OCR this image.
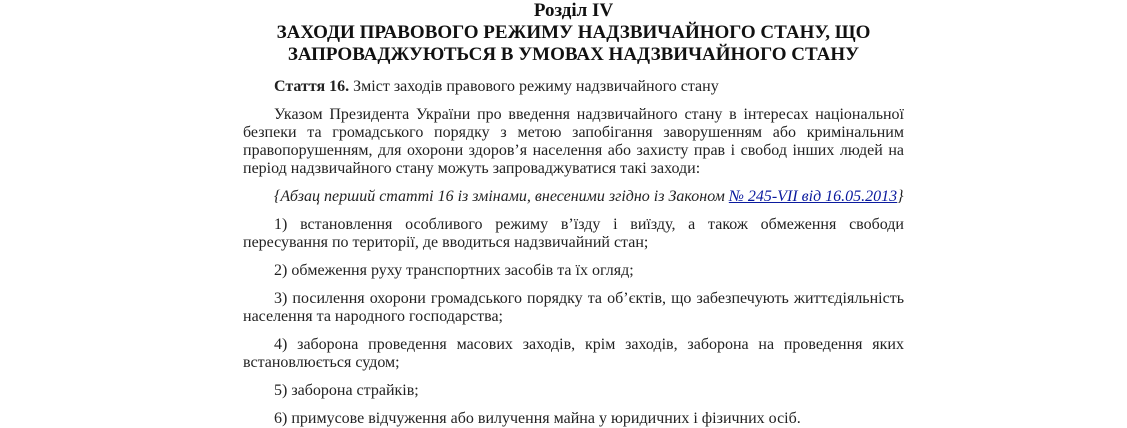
Розділ IV
ЗАХОДИ ПРАВОВОГО РЕЖИМУ НАДЗВИЧАЙНОГО СТАНУ, ЩО
ЗАПРОВАДЖУЮТЬСЯ В УМОВАХ НАДЗВИЧАЙНОГО СТАНУ
Стаття 16. Зміст заходів правового режиму надзвичайного стану

Указом Президента України про введення надзвичайного стану в інтересах національної безпеки та громадського порядку з метою запобігання заворушенням або кримінальним правопорушенням, для охорони здоров’я населення або захисту прав і свобод інших людей на період надзвичайного стану можуть запроваджуватися такі заходи:

{Абзац перший статті 16 із змінами, внесеними згідно із Законом № 245-VII від 16.05.2013}

1) встановлення особливого режиму в’їзду і виїзду, а також обмеження свободи пересування по території, де вводиться надзвичайний стан;

2) обмеження руху транспортних засобів та їх огляд;

3) посилення охорони громадського порядку та об’єктів, що забезпечують життєдіяльність населення та народного господарства;

4) заборона проведення масових заходів, крім заходів, заборона на проведення яких встановлюється судом;

5) заборона страйків;

6) примусове відчуження або вилучення майна у юридичних і фізичних осіб.
